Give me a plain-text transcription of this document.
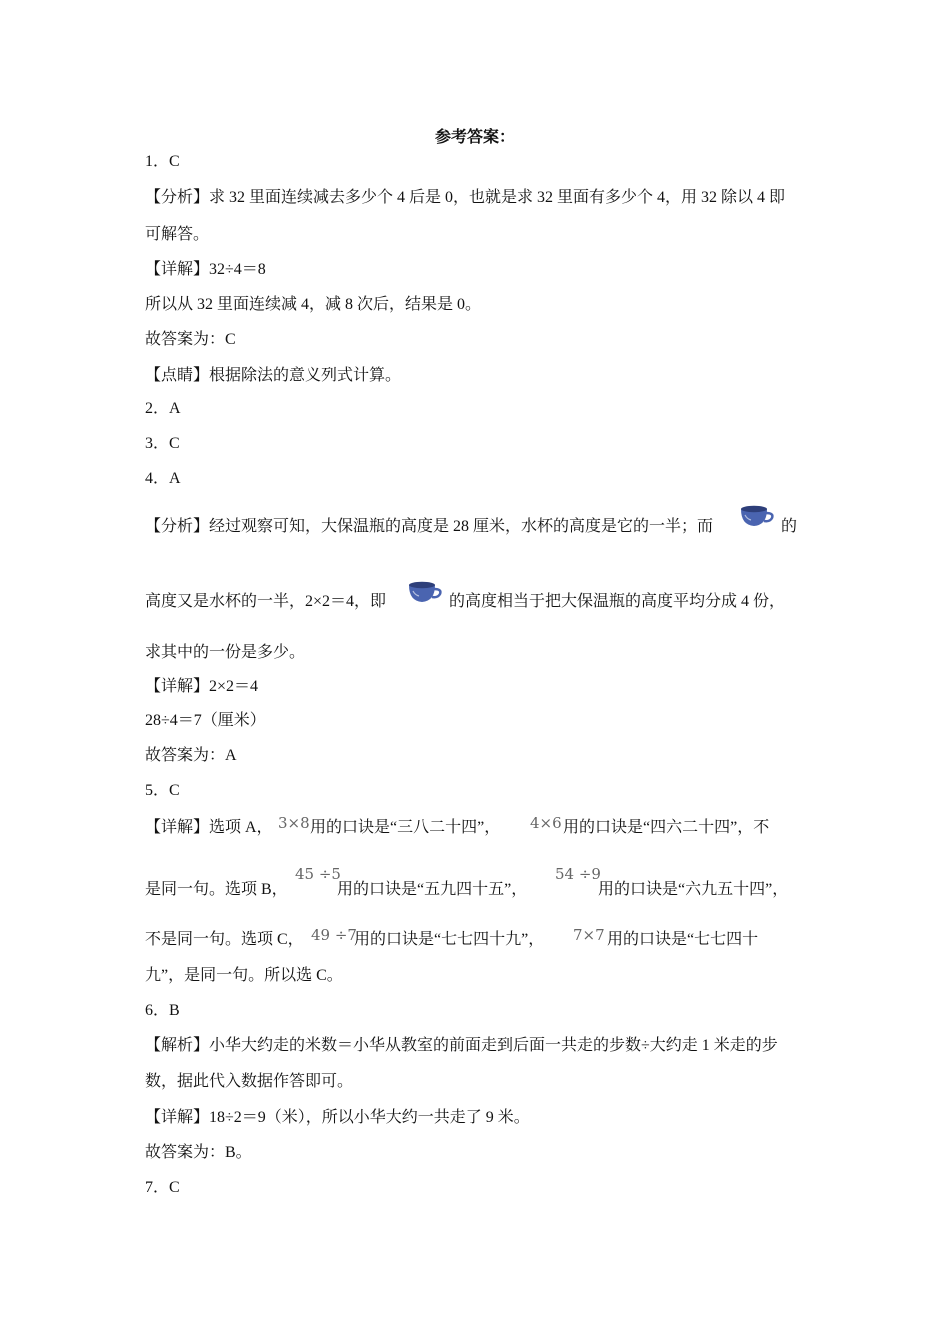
参考答案：
1．C
【分析】求 32 里面连续减去多少个 4 后是 0，也就是求 32 里面有多少个 4，用 32 除以 4 即
可解答。
【详解】32÷4＝8
所以从 32 里面连续减 4，减 8 次后，结果是 0。
故答案为：C
【点睛】根据除法的意义列式计算。
2．A
3．C
4．A
【分析】经过观察可知，大保温瓶的高度是 28 厘米，水杯的高度是它的一半；而	的
高度又是水杯的一半，2×2＝4，即	的高度相当于把大保温瓶的高度平均分成 4 份，
求其中的一份是多少。
【详解】2×2＝4
28÷4＝7（厘米）
故答案为：A
5．C
【详解】选项 A， 3×8 用的口诀是“三八二十四”， 4×6 用的口诀是“四六二十四”，不
是同一句。选项 B，
45 ÷5
用的口诀是“五九四十五”，
54 ÷9
用的口诀是“六九五十四”，
不是同一句。选项 C， 49 ÷7
用的口诀是“七七四十九”， 7×7 用的口诀是“七七四十
九”，是同一句。所以选 C。
6．B
【解析】小华大约走的米数＝小华从教室的前面走到后面一共走的步数÷大约走 1 米走的步
数，据此代入数据作答即可。
【详解】18÷2＝9（米），所以小华大约一共走了 9 米。
故答案为：B。
7．C
